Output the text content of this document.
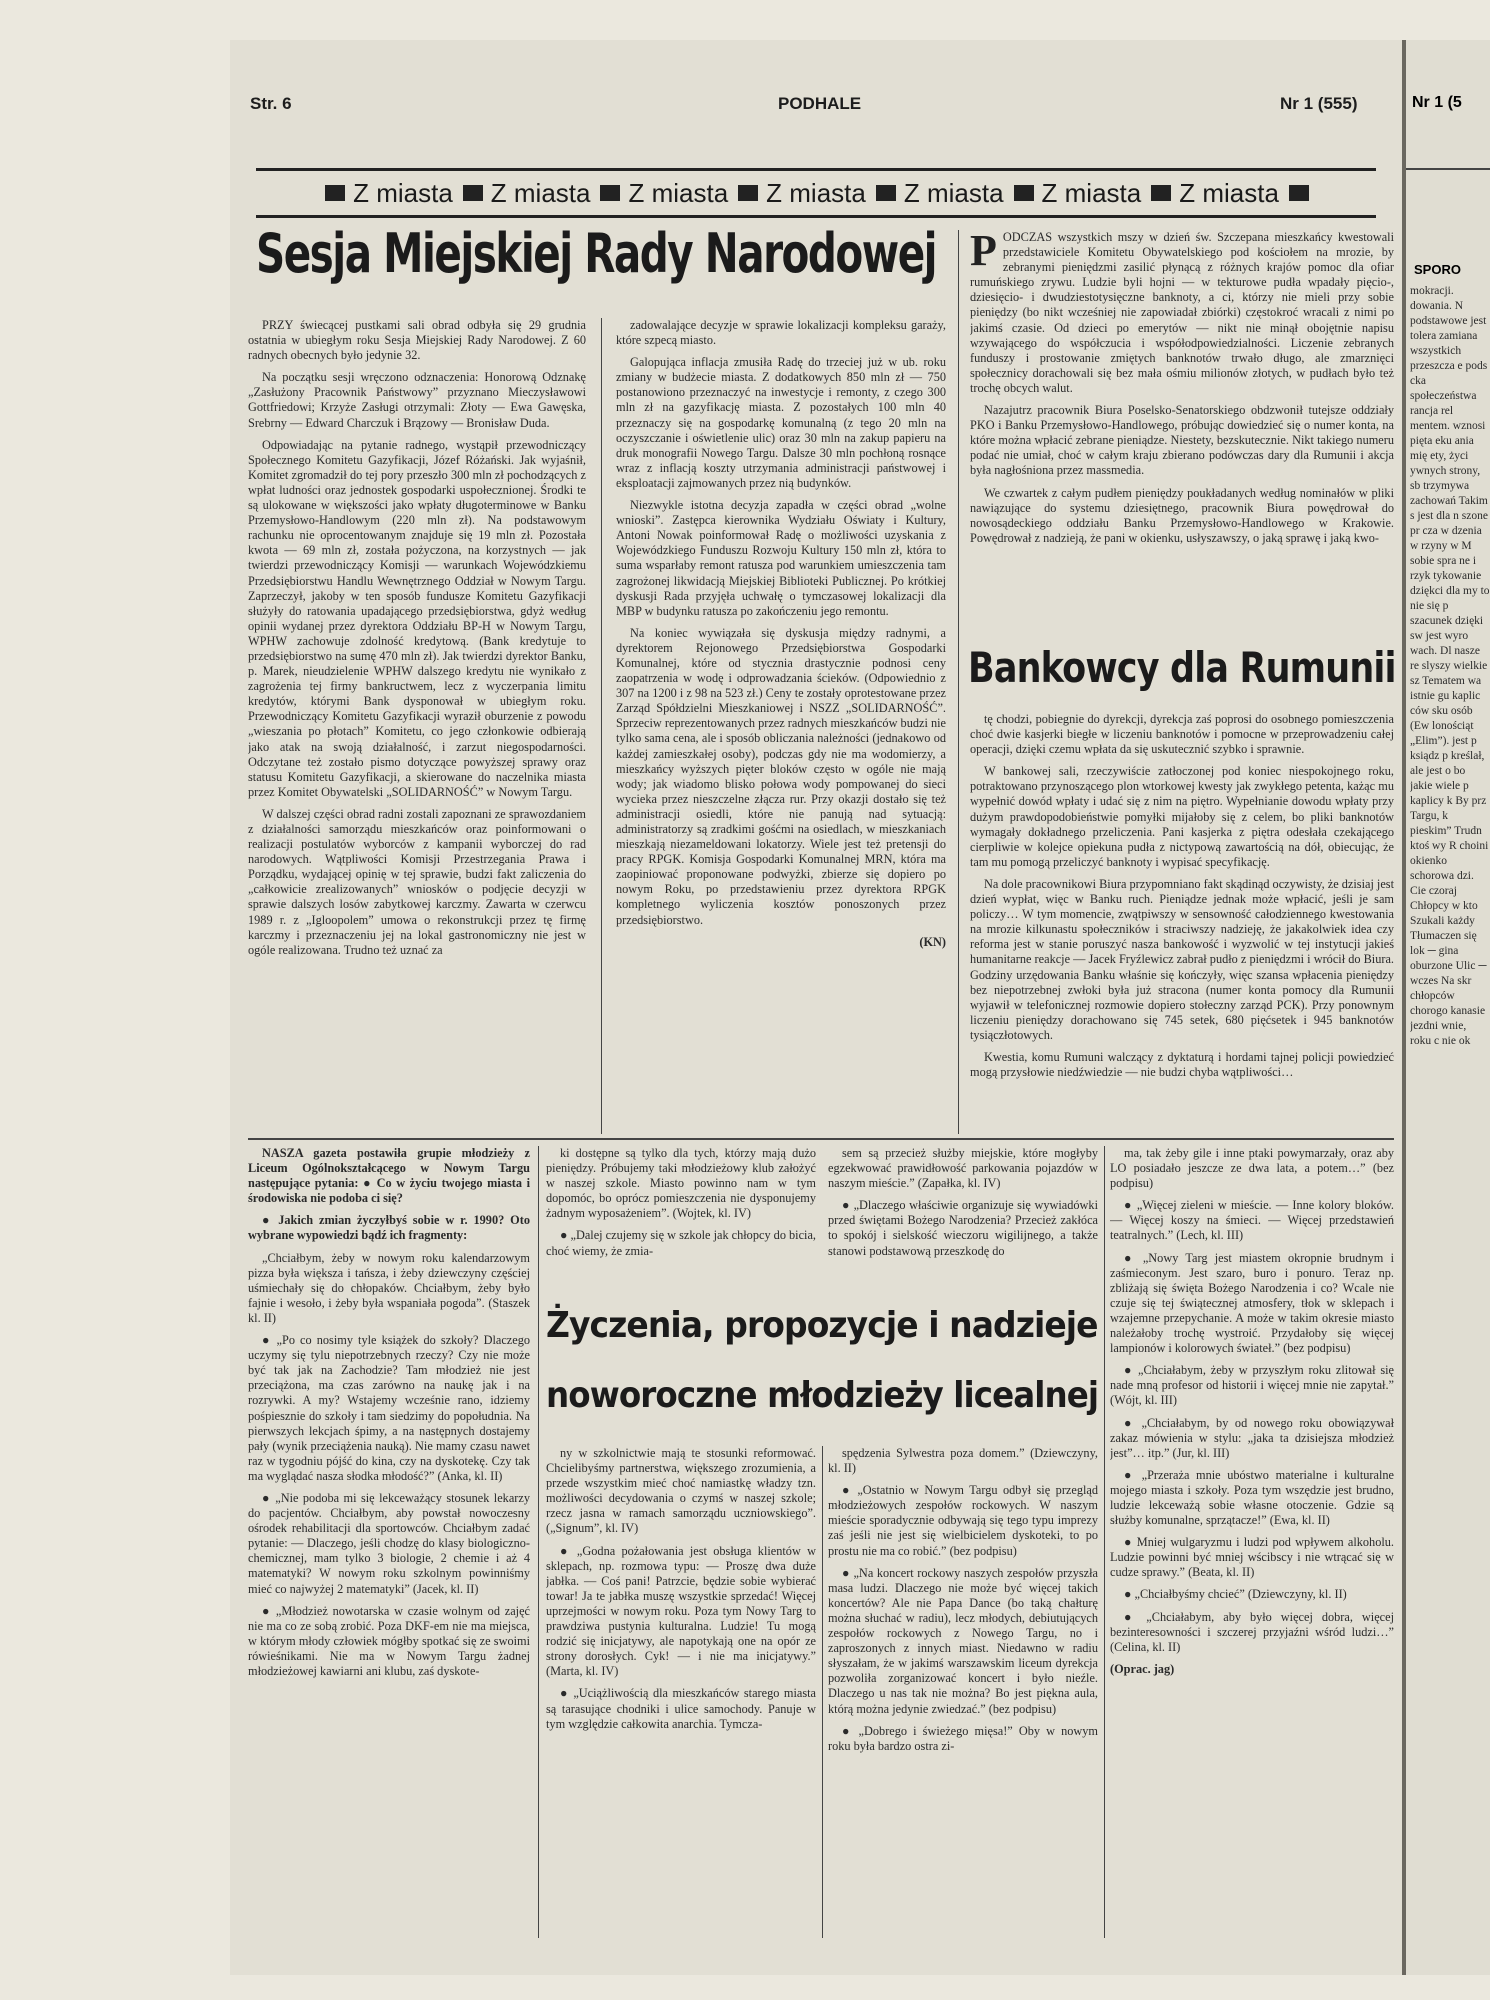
Str. 6	PODHALE	Nr 1 (555)
Z miasta Z miasta Z miasta Z miasta Z miasta Z miasta Z miasta
Sesja Miejskiej Rady Narodowej

PRZY świecącej pustkami sali obrad odbyła się 29 grudnia ostatnia w ubiegłym roku Sesja Miejskiej Rady Narodowej. Z 60 radnych obecnych było jedynie 32.

Na początku sesji wręczono odznaczenia: Honorową Odznakę „Zasłużony Pracownik Państwowy” przyznano Mieczysławowi Gottfriedowi; Krzyże Zasługi otrzymali: Złoty — Ewa Gawęska, Srebrny — Edward Charczuk i Brązowy — Bronisław Duda.

Odpowiadając na pytanie radnego, wystąpił przewodniczący Społecznego Komitetu Gazyfikacji, Józef Różański. Jak wyjaśnił, Komitet zgromadził do tej pory przeszło 300 mln zł pochodzących z wpłat ludności oraz jednostek gospodarki uspołecznionej. Środki te są ulokowane w większości jako wpłaty długoterminowe w Banku Przemysłowo-Handlowym (220 mln zł). Na podstawowym rachunku nie oprocentowanym znajduje się 19 mln zł. Pozostała kwota — 69 mln zł, została pożyczona, na korzystnych — jak twierdzi przewodniczący Komisji — warunkach Wojewódzkiemu Przedsiębiorstwu Handlu Wewnętrznego Oddział w Nowym Targu. Zaprzeczył, jakoby w ten sposób fundusze Komitetu Gazyfikacji służyły do ratowania upadającego przedsiębiorstwa, gdyż według opinii wydanej przez dyrektora Oddziału BP-H w Nowym Targu, WPHW zachowuje zdolność kredytową. (Bank kredytuje to przedsiębiorstwo na sumę 470 mln zł). Jak twierdzi dyrektor Banku, p. Marek, nieudzielenie WPHW dalszego kredytu nie wynikało z zagrożenia tej firmy bankructwem, lecz z wyczerpania limitu kredytów, którymi Bank dysponował w ubiegłym roku. Przewodniczący Komitetu Gazyfikacji wyraził oburzenie z powodu „wieszania po płotach” Komitetu, co jego członkowie odbierają jako atak na swoją działalność, i zarzut niegospodarności. Odczytane też zostało pismo dotyczące powyższej sprawy oraz statusu Komitetu Gazyfikacji, a skierowane do naczelnika miasta przez Komitet Obywatelski „SOLIDARNOŚĆ” w Nowym Targu.

W dalszej części obrad radni zostali zapoznani ze sprawozdaniem z działalności samorządu mieszkańców oraz poinformowani o realizacji postulatów wyborców z kampanii wyborczej do rad narodowych. Wątpliwości Komisji Przestrzegania Prawa i Porządku, wydającej opinię w tej sprawie, budzi fakt zaliczenia do „całkowicie zrealizowanych” wniosków o podjęcie decyzji w sprawie dalszych losów zabytkowej karczmy. Zawarta w czerwcu 1989 r. z „Igloopolem” umowa o rekonstrukcji przez tę firmę karczmy i przeznaczeniu jej na lokal gastronomiczny nie jest w ogóle realizowana. Trudno też uznać za

zadowalające decyzje w sprawie lokalizacji kompleksu garaży, które szpecą miasto.

Galopująca inflacja zmusiła Radę do trzeciej już w ub. roku zmiany w budżecie miasta. Z dodatkowych 850 mln zł — 750 postanowiono przeznaczyć na inwestycje i remonty, z czego 300 mln zł na gazyfikację miasta. Z pozostałych 100 mln 40 przeznaczy się na gospodarkę komunalną (z tego 20 mln na oczyszczanie i oświetlenie ulic) oraz 30 mln na zakup papieru na druk monografii Nowego Targu. Dalsze 30 mln pochłoną rosnące wraz z inflacją koszty utrzymania administracji państwowej i eksploatacji zajmowanych przez nią budynków.

Niezwykle istotna decyzja zapadła w części obrad „wolne wnioski”. Zastępca kierownika Wydziału Oświaty i Kultury, Antoni Nowak poinformował Radę o możliwości uzyskania z Wojewódzkiego Funduszu Rozwoju Kultury 150 mln zł, która to suma wsparłaby remont ratusza pod warunkiem umieszczenia tam zagrożonej likwidacją Miejskiej Biblioteki Publicznej. Po krótkiej dyskusji Rada przyjęła uchwałę o tymczasowej lokalizacji dla MBP w budynku ratusza po zakończeniu jego remontu.

Na koniec wywiązała się dyskusja między radnymi, a dyrektorem Rejonowego Przedsiębiorstwa Gospodarki Komunalnej, które od stycznia drastycznie podnosi ceny zaopatrzenia w wodę i odprowadzania ścieków. (Odpowiednio z 307 na 1200 i z 98 na 523 zł.) Ceny te zostały oprotestowane przez Zarząd Spółdzielni Mieszkaniowej i NSZZ „SOLIDARNOŚĆ”. Sprzeciw reprezentowanych przez radnych mieszkańców budzi nie tylko sama cena, ale i sposób obliczania należności (jednakowo od każdej zamieszkałej osoby), podczas gdy nie ma wodomierzy, a mieszkańcy wyższych pięter bloków często w ogóle nie mają wody; jak wiadomo blisko połowa wody pompowanej do sieci wycieka przez nieszczelne złącza rur. Przy okazji dostało się też administracji osiedli, które nie panują nad sytuacją: administratorzy są zradkimi gośćmi na osiedlach, w mieszkaniach mieszkają niezameldowani lokatorzy. Wiele jest też pretensji do pracy RPGK. Komisja Gospodarki Komunalnej MRN, która ma zaopiniować proponowane podwyżki, zbierze się dopiero po nowym Roku, po przedstawieniu przez dyrektora RPGK kompletnego wyliczenia kosztów ponoszonych przez przedsiębiorstwo.

(KN)
PODCZAS wszystkich mszy w dzień św. Szczepana mieszkańcy kwestowali przedstawiciele Komitetu Obywatelskiego pod kościołem na mrozie, by zebranymi pieniędzmi zasilić płynącą z różnych krajów pomoc dla ofiar rumuńskiego zrywu. Ludzie byli hojni — w tekturowe pudła wpadały pięcio-, dziesięcio- i dwudziestotysięczne banknoty, a ci, którzy nie mieli przy sobie pieniędzy (bo nikt wcześniej nie zapowiadał zbiórki) częstokroć wracali z nimi po jakimś czasie. Od dzieci po emerytów — nikt nie minął obojętnie napisu wzywającego do współczucia i współodpowiedzialności. Liczenie zebranych funduszy i prostowanie zmiętych banknotów trwało długo, ale zmarznięci społecznicy dorachowali się bez mała ośmiu milionów złotych, w pudłach było też trochę obcych walut.

Nazajutrz pracownik Biura Poselsko-Senatorskiego obdzwonił tutejsze oddziały PKO i Banku Przemysłowo-Handlowego, próbując dowiedzieć się o numer konta, na które można wpłacić zebrane pieniądze. Niestety, bezskutecznie. Nikt takiego numeru podać nie umiał, choć w całym kraju zbierano podówczas dary dla Rumunii i akcja była nagłośniona przez massmedia.

We czwartek z całym pudłem pieniędzy poukładanych według nominałów w pliki nawiązujące do systemu dziesiętnego, pracownik Biura powędrował do nowosądeckiego oddziału Banku Przemysłowo-Handlowego w Krakowie. Powędrował z nadzieją, że pani w okienku, usłyszawszy, o jaką sprawę i jaką kwo-

Bankowcy dla Rumunii

tę chodzi, pobiegnie do dyrekcji, dyrekcja zaś poprosi do osobnego pomieszczenia choć dwie kasjerki biegłe w liczeniu banknotów i pomocne w przeprowadzeniu całej operacji, dzięki czemu wpłata da się uskutecznić szybko i sprawnie.

W bankowej sali, rzeczywiście zatłoczonej pod koniec niespokojnego roku, potraktowano przynoszącego plon wtorkowej kwesty jak zwykłego petenta, każąc mu wypełnić dowód wpłaty i udać się z nim na piętro. Wypełnianie dowodu wpłaty przy dużym prawdopodobieństwie pomyłki mijałoby się z celem, bo pliki banknotów wymagały dokładnego przeliczenia. Pani kasjerka z piętra odesłała czekającego cierpliwie w kolejce opiekuna pudła z nictypową zawartością na dół, obiecując, że tam mu pomogą przeliczyć banknoty i wypisać specyfikację.

Na dole pracownikowi Biura przypomniano fakt skądinąd oczywisty, że dzisiaj jest dzień wypłat, więc w Banku ruch. Pieniądze jednak może wpłacić, jeśli je sam policzy… W tym momencie, zwątpiwszy w sensowność całodziennego kwestowania na mrozie kilkunastu społeczników i straciwszy nadzieję, że jakakolwiek idea czy reforma jest w stanie poruszyć nasza bankowość i wyzwolić w tej instytucji jakieś humanitarne reakcje — Jacek Fryźlewicz zabrał pudło z pieniędzmi i wrócił do Biura. Godziny urzędowania Banku właśnie się kończyły, więc szansa wpłacenia pieniędzy bez niepotrzebnej zwłoki była już stracona (numer konta pomocy dla Rumunii wyjawił w telefonicznej rozmowie dopiero stołeczny zarząd PCK). Przy ponownym liczeniu pieniędzy dorachowano się 745 setek, 680 pięćsetek i 945 banknotów tysiączłotowych.

Kwestia, komu Rumuni walczący z dyktaturą i hordami tajnej policji powiedzieć mogą przysłowie niedźwiedzie — nie budzi chyba wątpliwości…

NASZA gazeta postawiła grupie młodzieży z Liceum Ogólnokształcącego w Nowym Targu następujące pytania: ● Co w życiu twojego miasta i środowiska nie podoba ci się?

● Jakich zmian życzyłbyś sobie w r. 1990? Oto wybrane wypowiedzi bądź ich fragmenty:

„Chciałbym, żeby w nowym roku kalendarzowym pizza była większa i tańsza, i żeby dziewczyny częściej uśmiechały się do chłopaków. Chciałbym, żeby było fajnie i wesoło, i żeby była wspaniała pogoda”. (Staszek kl. II)

● „Po co nosimy tyle książek do szkoły? Dlaczego uczymy się tylu niepotrzebnych rzeczy? Czy nie może być tak jak na Zachodzie? Tam młodzież nie jest przeciążona, ma czas zarówno na naukę jak i na rozrywki. A my? Wstajemy wcześnie rano, idziemy pośpiesznie do szkoły i tam siedzimy do popołudnia. Na pierwszych lekcjach śpimy, a na następnych dostajemy pały (wynik przeciążenia nauką). Nie mamy czasu nawet raz w tygodniu pójść do kina, czy na dyskotekę. Czy tak ma wyglądać nasza słodka młodość?” (Anka, kl. II)

● „Nie podoba mi się lekceważący stosunek lekarzy do pacjentów. Chciałbym, aby powstał nowoczesny ośrodek rehabilitacji dla sportowców. Chciałbym zadać pytanie: — Dlaczego, jeśli chodzę do klasy biologiczno-chemicznej, mam tylko 3 biologie, 2 chemie i aż 4 matematyki? W nowym roku szkolnym powinniśmy mieć co najwyżej 2 matematyki” (Jacek, kl. II)

● „Młodzież nowotarska w czasie wolnym od zajęć nie ma co ze sobą zrobić. Poza DKF-em nie ma miejsca, w którym młody człowiek mógłby spotkać się ze swoimi rówieśnikami. Nie ma w Nowym Targu żadnej młodzieżowej kawiarni ani klubu, zaś dyskote-

ki dostępne są tylko dla tych, którzy mają dużo pieniędzy. Próbujemy taki młodzieżowy klub założyć w naszej szkole. Miasto powinno nam w tym dopomóc, bo oprócz pomieszczenia nie dysponujemy żadnym wyposażeniem”. (Wojtek, kl. IV)

● „Dalej czujemy się w szkole jak chłopcy do bicia, choć wiemy, że zmia-

sem są przecież służby miejskie, które mogłyby egzekwować prawidłowość parkowania pojazdów w naszym mieście.” (Zapałka, kl. IV)

● „Dlaczego właściwie organizuje się wywiadówki przed świętami Bożego Narodzenia? Przecież zakłóca to spokój i sielskość wieczoru wigilijnego, a także stanowi podstawową przeszkodę do

Życzenia, propozycje i nadzieje
noworoczne młodzieży licealnej

ny w szkolnictwie mają te stosunki reformować. Chcielibyśmy partnerstwa, większego zrozumienia, a przede wszystkim mieć choć namiastkę władzy tzn. możliwości decydowania o czymś w naszej szkole; rzecz jasna w ramach samorządu uczniowskiego”. („Signum”, kl. IV)

● „Godna pożałowania jest obsługa klientów w sklepach, np. rozmowa typu: — Proszę dwa duże jabłka. — Coś pani! Patrzcie, będzie sobie wybierać towar! Ja te jabłka muszę wszystkie sprzedać! Więcej uprzejmości w nowym roku. Poza tym Nowy Targ to prawdziwa pustynia kulturalna. Ludzie! Tu mogą rodzić się inicjatywy, ale napotykają one na opór ze strony dorosłych. Cyk! — i nie ma inicjatywy.” (Marta, kl. IV)

● „Uciążliwością dla mieszkańców starego miasta są tarasujące chodniki i ulice samochody. Panuje w tym względzie całkowita anarchia. Tymcza-

spędzenia Sylwestra poza domem.” (Dziewczyny, kl. II)

● „Ostatnio w Nowym Targu odbył się przegląd młodzieżowych zespołów rockowych. W naszym mieście sporadycznie odbywają się tego typu imprezy zaś jeśli nie jest się wielbicielem dyskoteki, to po prostu nie ma co robić.” (bez podpisu)

● „Na koncert rockowy naszych zespołów przyszła masa ludzi. Dlaczego nie może być więcej takich koncertów? Ale nie Papa Dance (bo taką chałturę można słuchać w radiu), lecz młodych, debiutujących zespołów rockowych z Nowego Targu, no i zaproszonych z innych miast. Niedawno w radiu słyszałam, że w jakimś warszawskim liceum dyrekcja pozwoliła zorganizować koncert i było nieźle. Dlaczego u nas tak nie można? Bo jest piękna aula, którą można jedynie zwiedzać.” (bez podpisu)

● „Dobrego i świeżego mięsa!” Oby w nowym roku była bardzo ostra zi-

ma, tak żeby gile i inne ptaki powymarzały, oraz aby LO posiadało jeszcze ze dwa lata, a potem…” (bez podpisu)

● „Więcej zieleni w mieście. — Inne kolory bloków. — Więcej koszy na śmieci. — Więcej przedstawień teatralnych.” (Lech, kl. III)

● „Nowy Targ jest miastem okropnie brudnym i zaśmieconym. Jest szaro, buro i ponuro. Teraz np. zbliżają się święta Bożego Narodzenia i co? Wcale nie czuje się tej świątecznej atmosfery, tłok w sklepach i wzajemne przepychanie. A może w takim okresie miasto należałoby trochę wystroić. Przydałoby się więcej lampionów i kolorowych świateł.” (bez podpisu)

● „Chciałabym, żeby w przyszłym roku zlitował się nade mną profesor od historii i więcej mnie nie zapytał.” (Wójt, kl. III)

● „Chciałabym, by od nowego roku obowiązywał zakaz mówienia w stylu: „jaka ta dzisiejsza młodzież jest”… itp.” (Jur, kl. III)

● „Przeraża mnie ubóstwo materialne i kulturalne mojego miasta i szkoły. Poza tym wszędzie jest brudno, ludzie lekceważą sobie własne otoczenie. Gdzie są służby komunalne, sprzątacze!” (Ewa, kl. II)

● Mniej wulgaryzmu i ludzi pod wpływem alkoholu. Ludzie powinni być mniej wścibscy i nie wtrącać się w cudze sprawy.” (Beata, kl. II)

● „Chciałbyśmy chcieć” (Dziewczyny, kl. II)

● „Chciałabym, aby było więcej dobra, więcej bezinteresowności i szczerej przyjaźni wśród ludzi…” (Celina, kl. II)

(Oprac. jag)
Nr 1 (5
SPORO
mokracji. dowania. N podstawowe jest tolera zamiana wszystkich przeszcza e pods cka społeczeństwa rancja rel mentem. wznosi pięta eku ania mię ety, życi ywnych strony, sb trzymywa zachowań Takim s jest dla n szone pr cza w dzenia w rzyny w M sobie spra ne i rzyk tykowanie dziękci dla my to nie się p szacunek dzięki sw jest wyro wach. Dl nasze re slyszy wielkie sz Tematem wa istnie gu kaplic ców sku osób (Ew lonościąt „Elim”). jest p ksiądz p kreślał, ale jest o bo jakie wiele p kaplicy k By prz Targu, k pieskim” Trudn ktoś wy R choini okienko schorowa dzi. Cie czoraj Chłopcy w kto Szukali każdy Tłumaczen się lok ─ gina oburzone Ulic ─ wczes Na skr chłopców chorogo kanasie jezdni wnie, roku c nie ok
